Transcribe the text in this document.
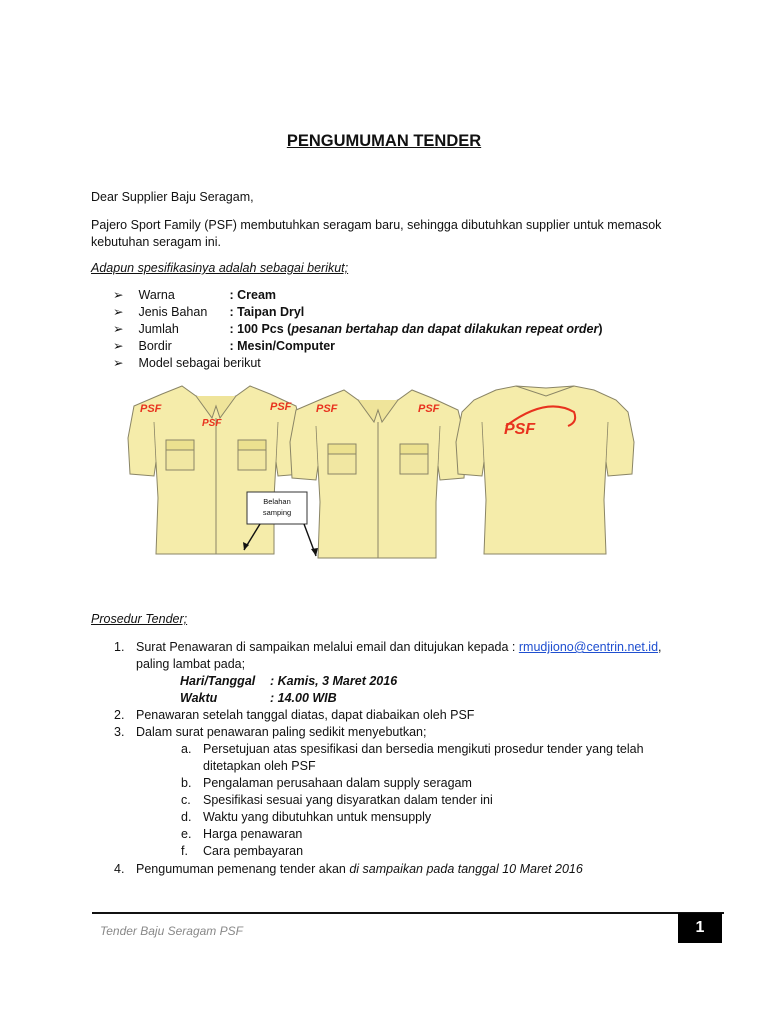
PENGUMUMAN TENDER
Dear Supplier Baju Seragam,
Pajero Sport Family (PSF) membutuhkan seragam baru, sehingga dibutuhkan supplier untuk memasok
kebutuhan seragam ini.
Adapun spesifikasinya adalah sebagai berikut;
➢ Warna	: Cream
➢ Jenis Bahan : Taipan Dryl
➢ Jumlah	: 100 Pcs (pesanan bertahap dan dapat dilakukan repeat order)
➢ Bordir	: Mesin/Computer
➢ Model sebagai berikut
PSF
PSF
PSF PSF	PSF
PSF
Belahan
samping
Prosedur Tender;
1. Surat Penawaran di sampaikan melalui email dan ditujukan kepada : rmudjiono@centrin.net.id,
paling lambat pada;
Hari/Tanggal : Kamis, 3 Maret 2016
Waktu	: 14.00 WIB
2. Penawaran setelah tanggal diatas, dapat diabaikan oleh PSF
3. Dalam surat penawaran paling sedikit menyebutkan;
a. Persetujuan atas spesifikasi dan bersedia mengikuti prosedur tender yang telah
ditetapkan oleh PSF
b. Pengalaman perusahaan dalam supply seragam
c. Spesifikasi sesuai yang disyaratkan dalam tender ini
d. Waktu yang dibutuhkan untuk mensupply
e. Harga penawaran
f. Cara pembayaran
4. Pengumuman pemenang tender akan di sampaikan pada tanggal 10 Maret 2016
Tender Baju Seragam PSF	1
